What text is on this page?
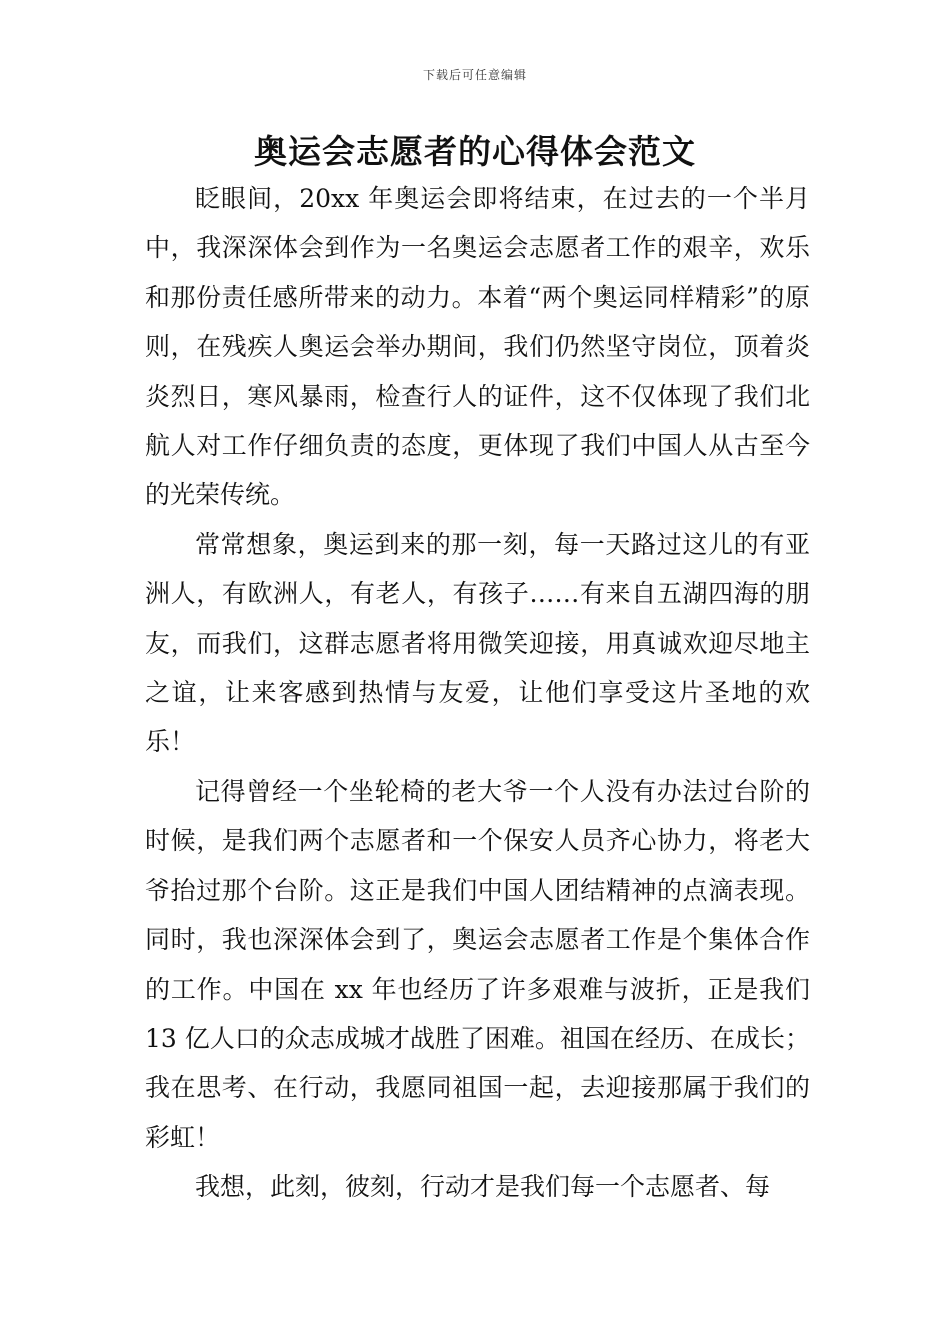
下载后可任意编辑
奥运会志愿者的心得体会范文

眨眼间，20xx 年奥运会即将结束，在过去的一个半月中，我深深体会到作为一名奥运会志愿者工作的艰辛，欢乐和那份责任感所带来的动力。本着“两个奥运同样精彩”的原则，在残疾人奥运会举办期间，我们仍然坚守岗位，顶着炎炎烈日，寒风暴雨，检查行人的证件，这不仅体现了我们北航人对工作仔细负责的态度，更体现了我们中国人从古至今的光荣传统。

常常想象，奥运到来的那一刻，每一天路过这儿的有亚洲人，有欧洲人，有老人，有孩子……有来自五湖四海的朋友，而我们，这群志愿者将用微笑迎接，用真诚欢迎尽地主之谊，让来客感到热情与友爱，让他们享受这片圣地的欢乐！

记得曾经一个坐轮椅的老大爷一个人没有办法过台阶的时候，是我们两个志愿者和一个保安人员齐心协力，将老大爷抬过那个台阶。这正是我们中国人团结精神的点滴表现。同时，我也深深体会到了，奥运会志愿者工作是个集体合作的工作。中国在 xx 年也经历了许多艰难与波折，正是我们 13 亿人口的众志成城才战胜了困难。祖国在经历、在成长；我在思考、在行动，我愿同祖国一起，去迎接那属于我们的彩虹！

我想，此刻，彼刻，行动才是我们每一个志愿者、每
